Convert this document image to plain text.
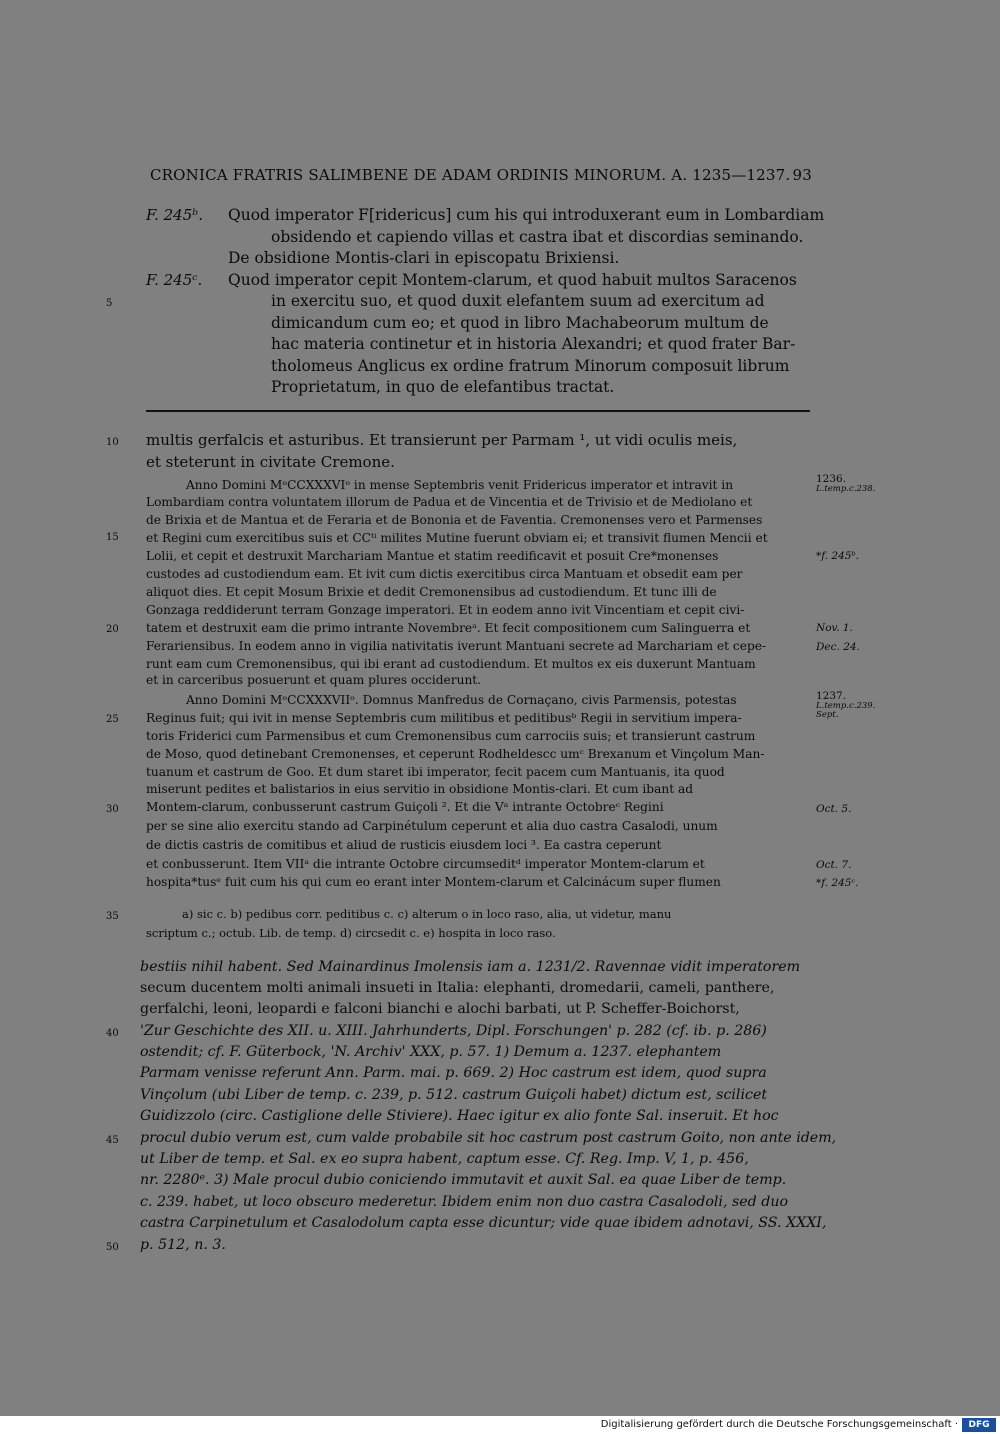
CRONICA FRATRIS SALIMBENE DE ADAM ORDINIS MINORUM. A. 1235—1237. 93
F. 245ᵇ. Quod imperator F[ridericus] cum his qui introduxerant eum in Lombardiam
obsidendo et capiendo villas et castra ibat et discordias seminando.
De obsidione Montis-clari in episcopatu Brixiensi.
F. 245ᶜ. Quod imperator cepit Montem-clarum, et quod habuit multos Saracenos
in exercitu suo, et quod duxit elefantem suum ad exercitum ad
dimicandum cum eo; et quod in libro Machabeorum multum de
hac materia continetur et in historia Alexandri; et quod frater Bar-
tholomeus Anglicus ex ordine fratrum Minorum composuit librum
Proprietatum, in quo de elefantibus tractat.
5
10
15
20
25
30
35
40
45
50
multis gerfalcis et asturibus. Et transierunt per Parmam ¹, ut vidi oculis meis,
et steterunt in civitate Cremone.
Anno Domini MᵒCCXXXVIᵒ in mense Septembris venit Fridericus imperator et intravit in
Lombardiam contra voluntatem illorum de Padua et de Vincentia et de Trivisio et de Mediolano et
de Brixia et de Mantua et de Feraria et de Bononia et de Faventia. Cremonenses vero et Parmenses
et Regini cum exercitibus suis et CCᵗⁱ milites Mutine fuerunt obviam ei; et transivit flumen Mencii et
Lolii, et cepit et destruxit Marchariam Mantue et statim reedificavit et posuit Cre*monenses
custodes ad custodiendum eam. Et ivit cum dictis exercitibus circa Mantuam et obsedit eam per
aliquot dies. Et cepit Mosum Brixie et dedit Cremonensibus ad custodiendum. Et tunc illi de
Gonzaga reddiderunt terram Gonzage imperatori. Et in eodem anno ivit Vincentiam et cepit civi-
tatem et destruxit eam die primo intrante Novembreᵃ. Et fecit compositionem cum Salinguerra et
Ferariensibus. In eodem anno in vigilia nativitatis iverunt Mantuani secrete ad Marchariam et cepe-
runt eam cum Cremonensibus, qui ibi erant ad custodiendum. Et multos ex eis duxerunt Mantuam
et in carceribus posuerunt et quam plures occiderunt.
Anno Domini MᵒCCXXXVIIᵒ. Domnus Manfredus de Cornaçano, civis Parmensis, potestas
Reginus fuit; qui ivit in mense Septembris cum militibus et peditibusᵇ Regii in servitium impera-
toris Friderici cum Parmensibus et cum Cremonensibus cum carrociis suis; et transierunt castrum
de Moso, quod detinebant Cremonenses, et ceperunt Rodheldescc umᶜ Brexanum et Vinçolum Man-
tuanum et castrum de Goo. Et dum staret ibi imperator, fecit pacem cum Mantuanis, ita quod
miserunt pedites et balistarios in eius servitio in obsidione Montis-clari. Et cum ibant ad
Montem-clarum, conbusserunt castrum Guiçoli ². Et die Vᵃ intrante Octobreᶜ Regini
per se sine alio exercitu stando ad Carpinétulum ceperunt et alia duo castra Casalodi, unum
de dictis castris de comitibus et aliud de rusticis eiusdem loci ³. Ea castra ceperunt
et conbusserunt. Item VIIᵃ die intrante Octobre circumseditᵈ imperator Montem-clarum et
hospita*tusᵉ fuit cum his qui cum eo erant inter Montem-clarum et Calcinácum super flumen
1236.
L.temp.c.238.
*f. 245ᵇ.
Nov. 1.
Dec. 24.
1237.
L.temp.c.239.
Sept.
Oct. 5.
Oct. 7.
*f. 245ᶜ.
a) sic c. b) pedibus corr. peditibus c. c) alterum o in loco raso, alia, ut videtur, manu
scriptum c.; octub. Lib. de temp. d) circsedit c. e) hospita in loco raso.
bestiis nihil habent. Sed Mainardinus Imolensis iam a. 1231/2. Ravennae vidit imperatorem
secum ducentem molti animali insueti in Italia: elephanti, dromedarii, cameli, panthere,
gerfalchi, leoni, leopardi e falconi bianchi e alochi barbati, ut P. Scheffer-Boichorst,
'Zur Geschichte des XII. u. XIII. Jahrhunderts, Dipl. Forschungen' p. 282 (cf. ib. p. 286)
ostendit; cf. F. Güterbock, 'N. Archiv' XXX, p. 57. 1) Demum a. 1237. elephantem
Parmam venisse referunt Ann. Parm. mai. p. 669. 2) Hoc castrum est idem, quod supra
Vinçolum (ubi Liber de temp. c. 239, p. 512. castrum Guiçoli habet) dictum est, scilicet
Guidizzolo (circ. Castiglione delle Stiviere). Haec igitur ex alio fonte Sal. inseruit. Et hoc
procul dubio verum est, cum valde probabile sit hoc castrum post castrum Goito, non ante idem,
ut Liber de temp. et Sal. ex eo supra habent, captum esse. Cf. Reg. Imp. V, 1, p. 456,
nr. 2280ᵉ. 3) Male procul dubio coniciendo immutavit et auxit Sal. ea quae Liber de temp.
c. 239. habet, ut loco obscuro mederetur. Ibidem enim non duo castra Casalodoli, sed duo
castra Carpinetulum et Casalodolum capta esse dicuntur; vide quae ibidem adnotavi, SS. XXXI,
p. 512, n. 3.
Digitalisierung gefördert durch die Deutsche Forschungsgemeinschaft ·	DFG
